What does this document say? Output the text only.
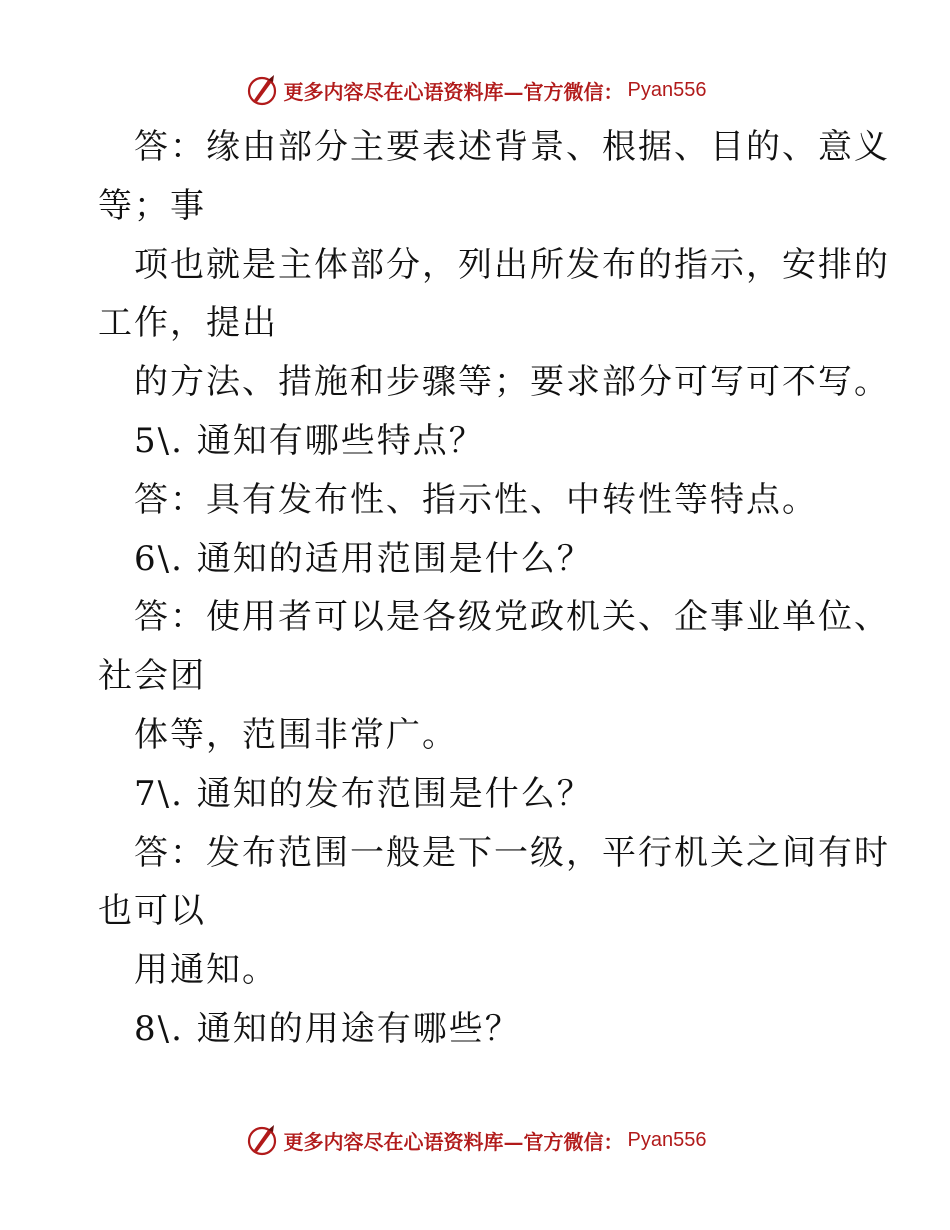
更多内容尽在心语资料库—官方微信： Pyan556
答：缘由部分主要表述背景、根据、目的、意义
等；事
项也就是主体部分，列出所发布的指示，安排的
工作，提出
的方法、措施和步骤等；要求部分可写可不写。
5\. 通知有哪些特点？
答：具有发布性、指示性、中转性等特点。
6\. 通知的适用范围是什么？
答：使用者可以是各级党政机关、企事业单位、
社会团
体等，范围非常广。
7\. 通知的发布范围是什么？
答：发布范围一般是下一级，平行机关之间有时
也可以
用通知。
8\. 通知的用途有哪些？
更多内容尽在心语资料库—官方微信： Pyan556
